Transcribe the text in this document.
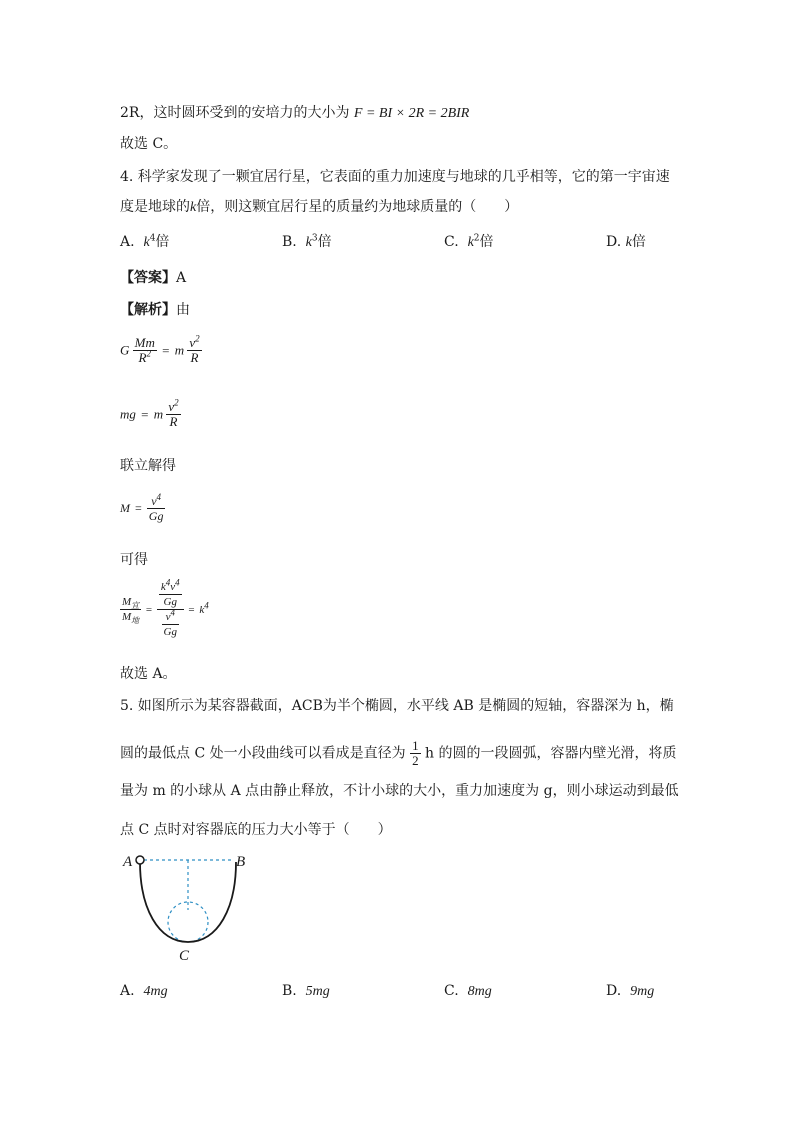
2R，这时圆环受到的安培力的大小为 F = BI × 2R = 2BIR
故选 C。
4. 科学家发现了一颗宜居行星，它表面的重力加速度与地球的几乎相等，它的第一宇宙速
度是地球的k倍，则这颗宜居行星的质量约为地球质量的（　　）
A. $k^4$倍	B. $k^3$倍	C. $k^2$倍	D. k倍
【答案】A
【解析】由
G $\frac{Mm}{R^2} = m \frac{v^2}{R}$
mg = m $\frac{v^2}{R}$
联立解得
$M = \frac{v^4}{Gg}$
可得
$\frac{M_宜}{M_地} = \frac{\frac{k^4v^4}{Gg}}{\frac{v^4}{Gg}} = k^4$
故选 A。
5. 如图所示为某容器截面，ACB为半个椭圆，水平线 AB 是椭圆的短轴，容器深为 h，椭
圆的最低点 C 处一小段曲线可以看成是直径为 $\frac{1}{2}$ h 的圆的一段圆弧，容器内壁光滑，将质
量为 m 的小球从 A 点由静止释放，不计小球的大小，重力加速度为 g，则小球运动到最低
点 C 点时对容器底的压力大小等于（　　）
A	B
C
A. 4mg	B. 5mg	C. 8mg	D. 9mg
